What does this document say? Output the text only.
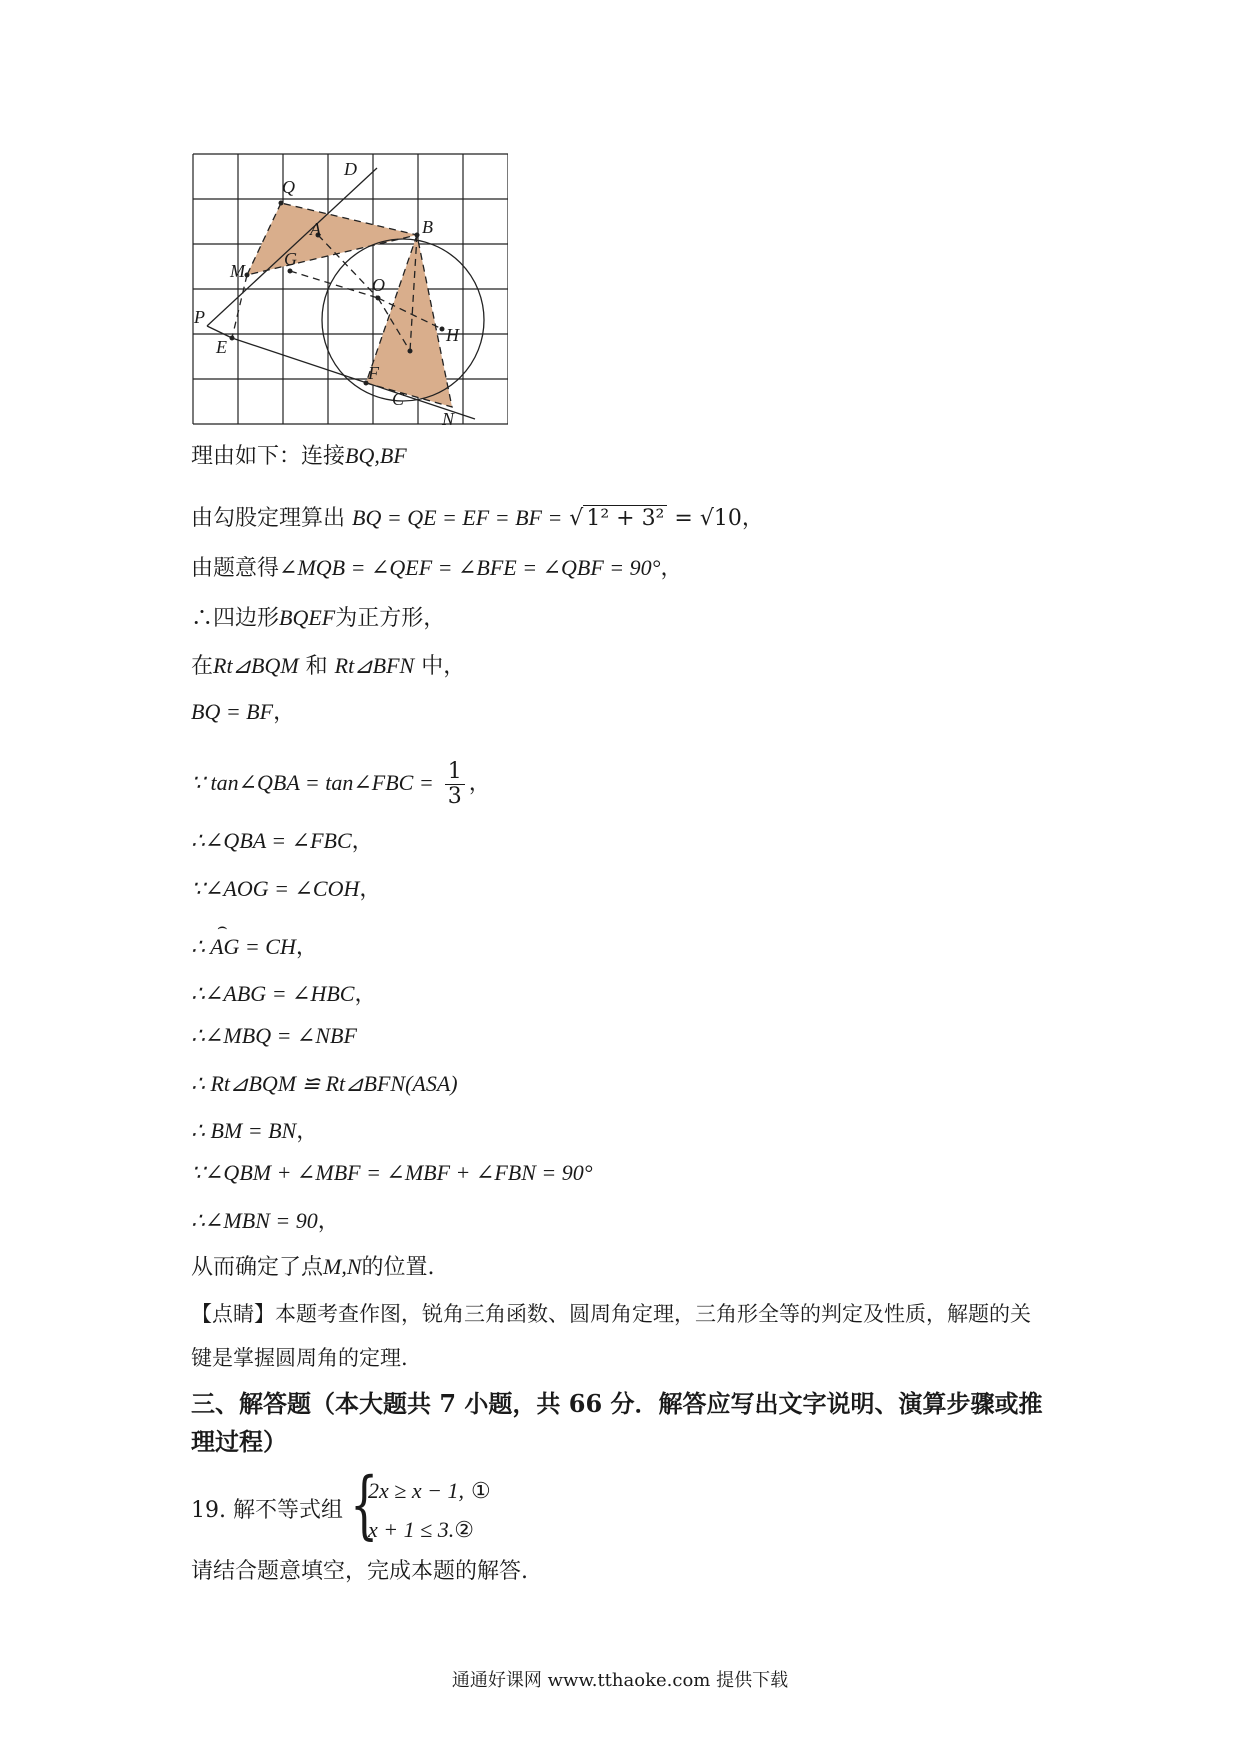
Q
D
A	B
M
G
P
O
E
H
F
C
N
理由如下：连接BQ,BF
由勾股定理算出 BQ = QE = EF = BF = √ 1² + 3² = √10，
由题意得∠MQB = ∠QEF = ∠BFE = ∠QBF = 90°，
∴四边形BQEF为正方形，
在Rt⊿BQM 和 Rt⊿BFN 中，
BQ = BF，
∵ tan∠QBA = tan∠FBC = $\frac{1}{3}$ ，
∴∠QBA = ∠FBC，
∵∠AOG = ∠COH，
⌢
∴ AG = CH，
∴∠ABG = ∠HBC，
∴∠MBQ = ∠NBF
∴ Rt⊿BQM ≌ Rt⊿BFN(ASA)
∴ BM = BN，
∵∠QBM + ∠MBF = ∠MBF + ∠FBN = 90°
∴∠MBN = 90，
从而确定了点M,N的位置.
【点睛】本题考查作图，锐角三角函数、圆周角定理，三角形全等的判定及性质，解题的关
键是掌握圆周角的定理.
三、解答题（本大题共 7 小题，共 66 分．解答应写出文字说明、演算步骤或推
理过程）
19. 解不等式组 {
2x ≥ x − 1, ①
x + 1 ≤ 3.②
请结合题意填空，完成本题的解答.
通通好课网 www.tthaoke.com 提供下载
